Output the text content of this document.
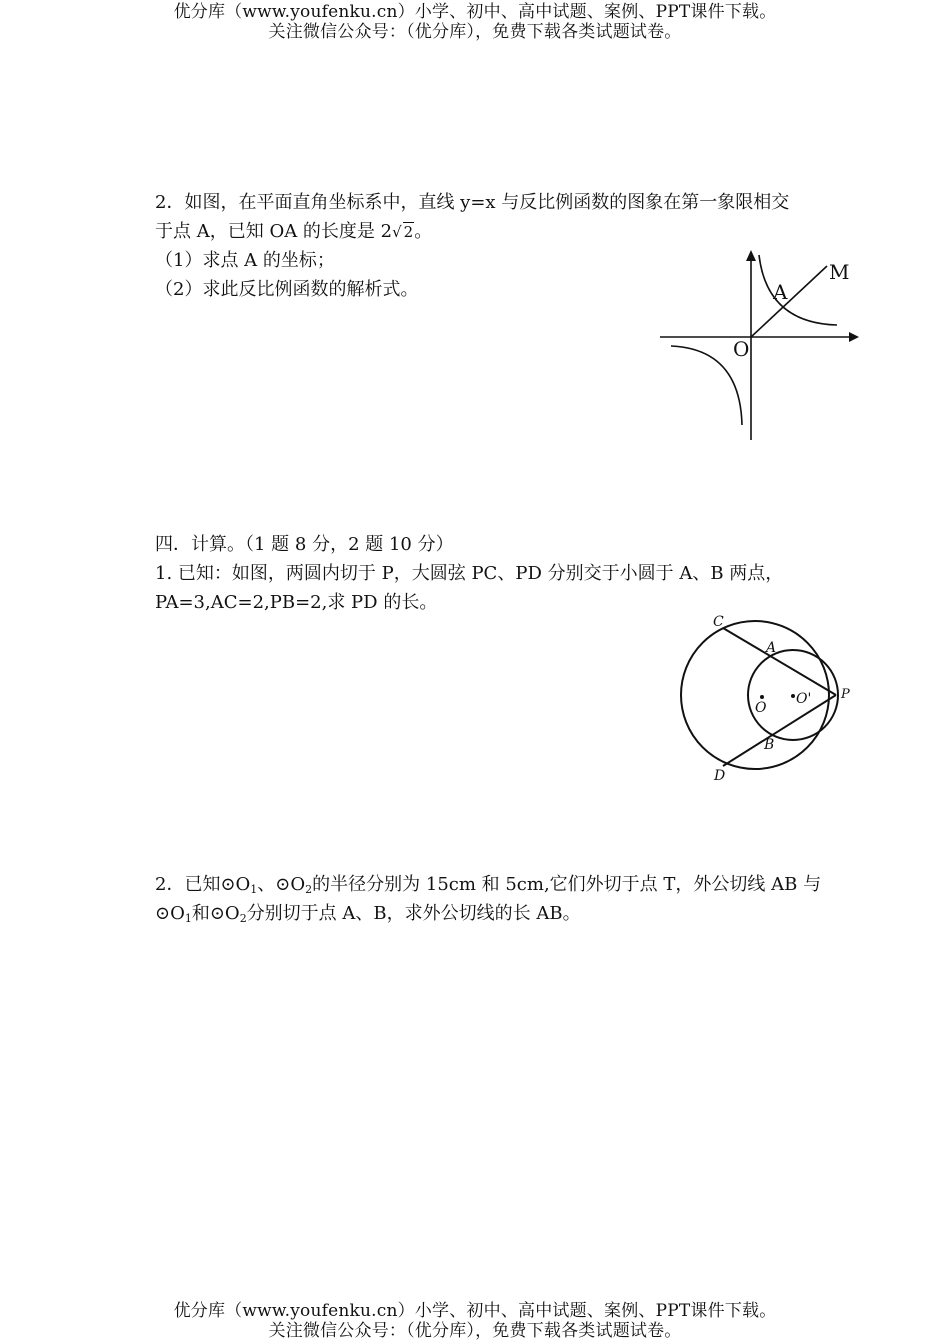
优分库（www.youfenku.cn）小学、初中、高中试题、案例、PPT课件下载。
关注微信公众号：（优分库），免费下载各类试题试卷。
2．如图，在平面直角坐标系中，直线 y=x 与反比例函数的图象在第一象限相交
于点 A，已知 OA 的长度是 2√ 2。
（1）求点 A 的坐标；
（2）求此反比例函数的解析式。	A
M
O
四．计算。（1 题 8 分，2 题 10 分）
1. 已知：如图，两圆内切于 P，大圆弦 PC、PD 分别交于小圆于 A、B 两点，
PA=3,AC=2,PB=2,求 PD 的长。
C
A
P
O
O'
B
D
2．已知$⊙O_1$、$⊙O_2$的半径分别为 15cm 和 5cm,它们外切于点 T，外公切线 AB 与
$⊙O_1$和$⊙O_2$分别切于点 A、B，求外公切线的长 AB。
优分库（www.youfenku.cn）小学、初中、高中试题、案例、PPT课件下载。
关注微信公众号：（优分库），免费下载各类试题试卷。
